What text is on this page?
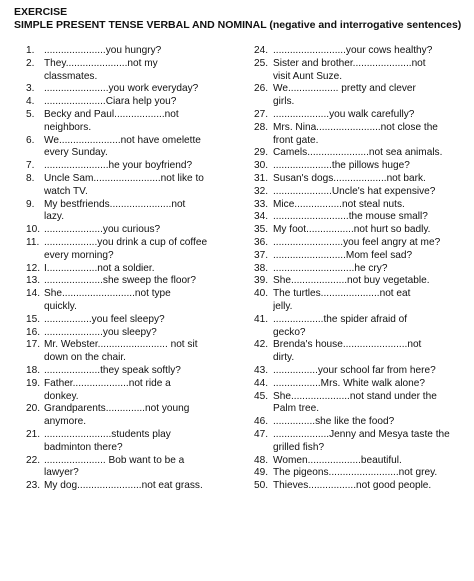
EXERCISE
SIMPLE PRESENT TENSE VERBAL AND NOMINAL (negative and interrogative sentences)
1. ......................you hungry?
2. They......................not my
classmates.
3. .......................you work everyday?
4. ......................Ciara help you?
5. Becky and Paul..................not
neighbors.
6. We......................not have omelette
every Sunday.
7. .......................he your boyfriend?
8. Uncle Sam........................not like to
watch TV.
9. My bestfriends......................not
lazy.
10. .....................you curious?
11. ...................you drink a cup of coffee
every morning?
12. I..................not a soldier.
13. .....................she sweep the floor?
14. She..........................not type
quickly.
15. .................you feel sleepy?
16. .....................you sleepy?
17. Mr. Webster......................... not sit
down on the chair.
18. ....................they speak softly?
19. Father....................not ride a
donkey.
20. Grandparents..............not young
anymore.
21. ........................students play
badminton there?
22. ...................... Bob want to be a
lawyer?
23. My dog.......................not eat grass.
24. ..........................your cows healthy?
25. Sister and brother.....................not
visit Aunt Suze.
26. We.................. pretty and clever
girls.
27. ....................you walk carefully?
28. Mrs. Nina.......................not close the
front gate.
29. Camels......................not sea animals.
30. .....................the pillows huge?
31. Susan's dogs...................not bark.
32. .....................Uncle's hat expensive?
33. Mice.................not steal nuts.
34. ...........................the mouse small?
35. My foot.................not hurt so badly.
36. .........................you feel angry at me?
37. ..........................Mom feel sad?
38. .............................he cry?
39. She....................not buy vegetable.
40. The turtles.....................not eat
jelly.
41. ..................the spider afraid of
gecko?
42. Brenda's house.......................not
dirty.
43. ................your school far from here?
44. .................Mrs. White walk alone?
45. She.....................not stand under the
Palm tree.
46. ...............she like the food?
47. ....................Jenny and Mesya taste the
grilled fish?
48. Women...................beautiful.
49. The pigeons.........................not grey.
50. Thieves.................not good people.
